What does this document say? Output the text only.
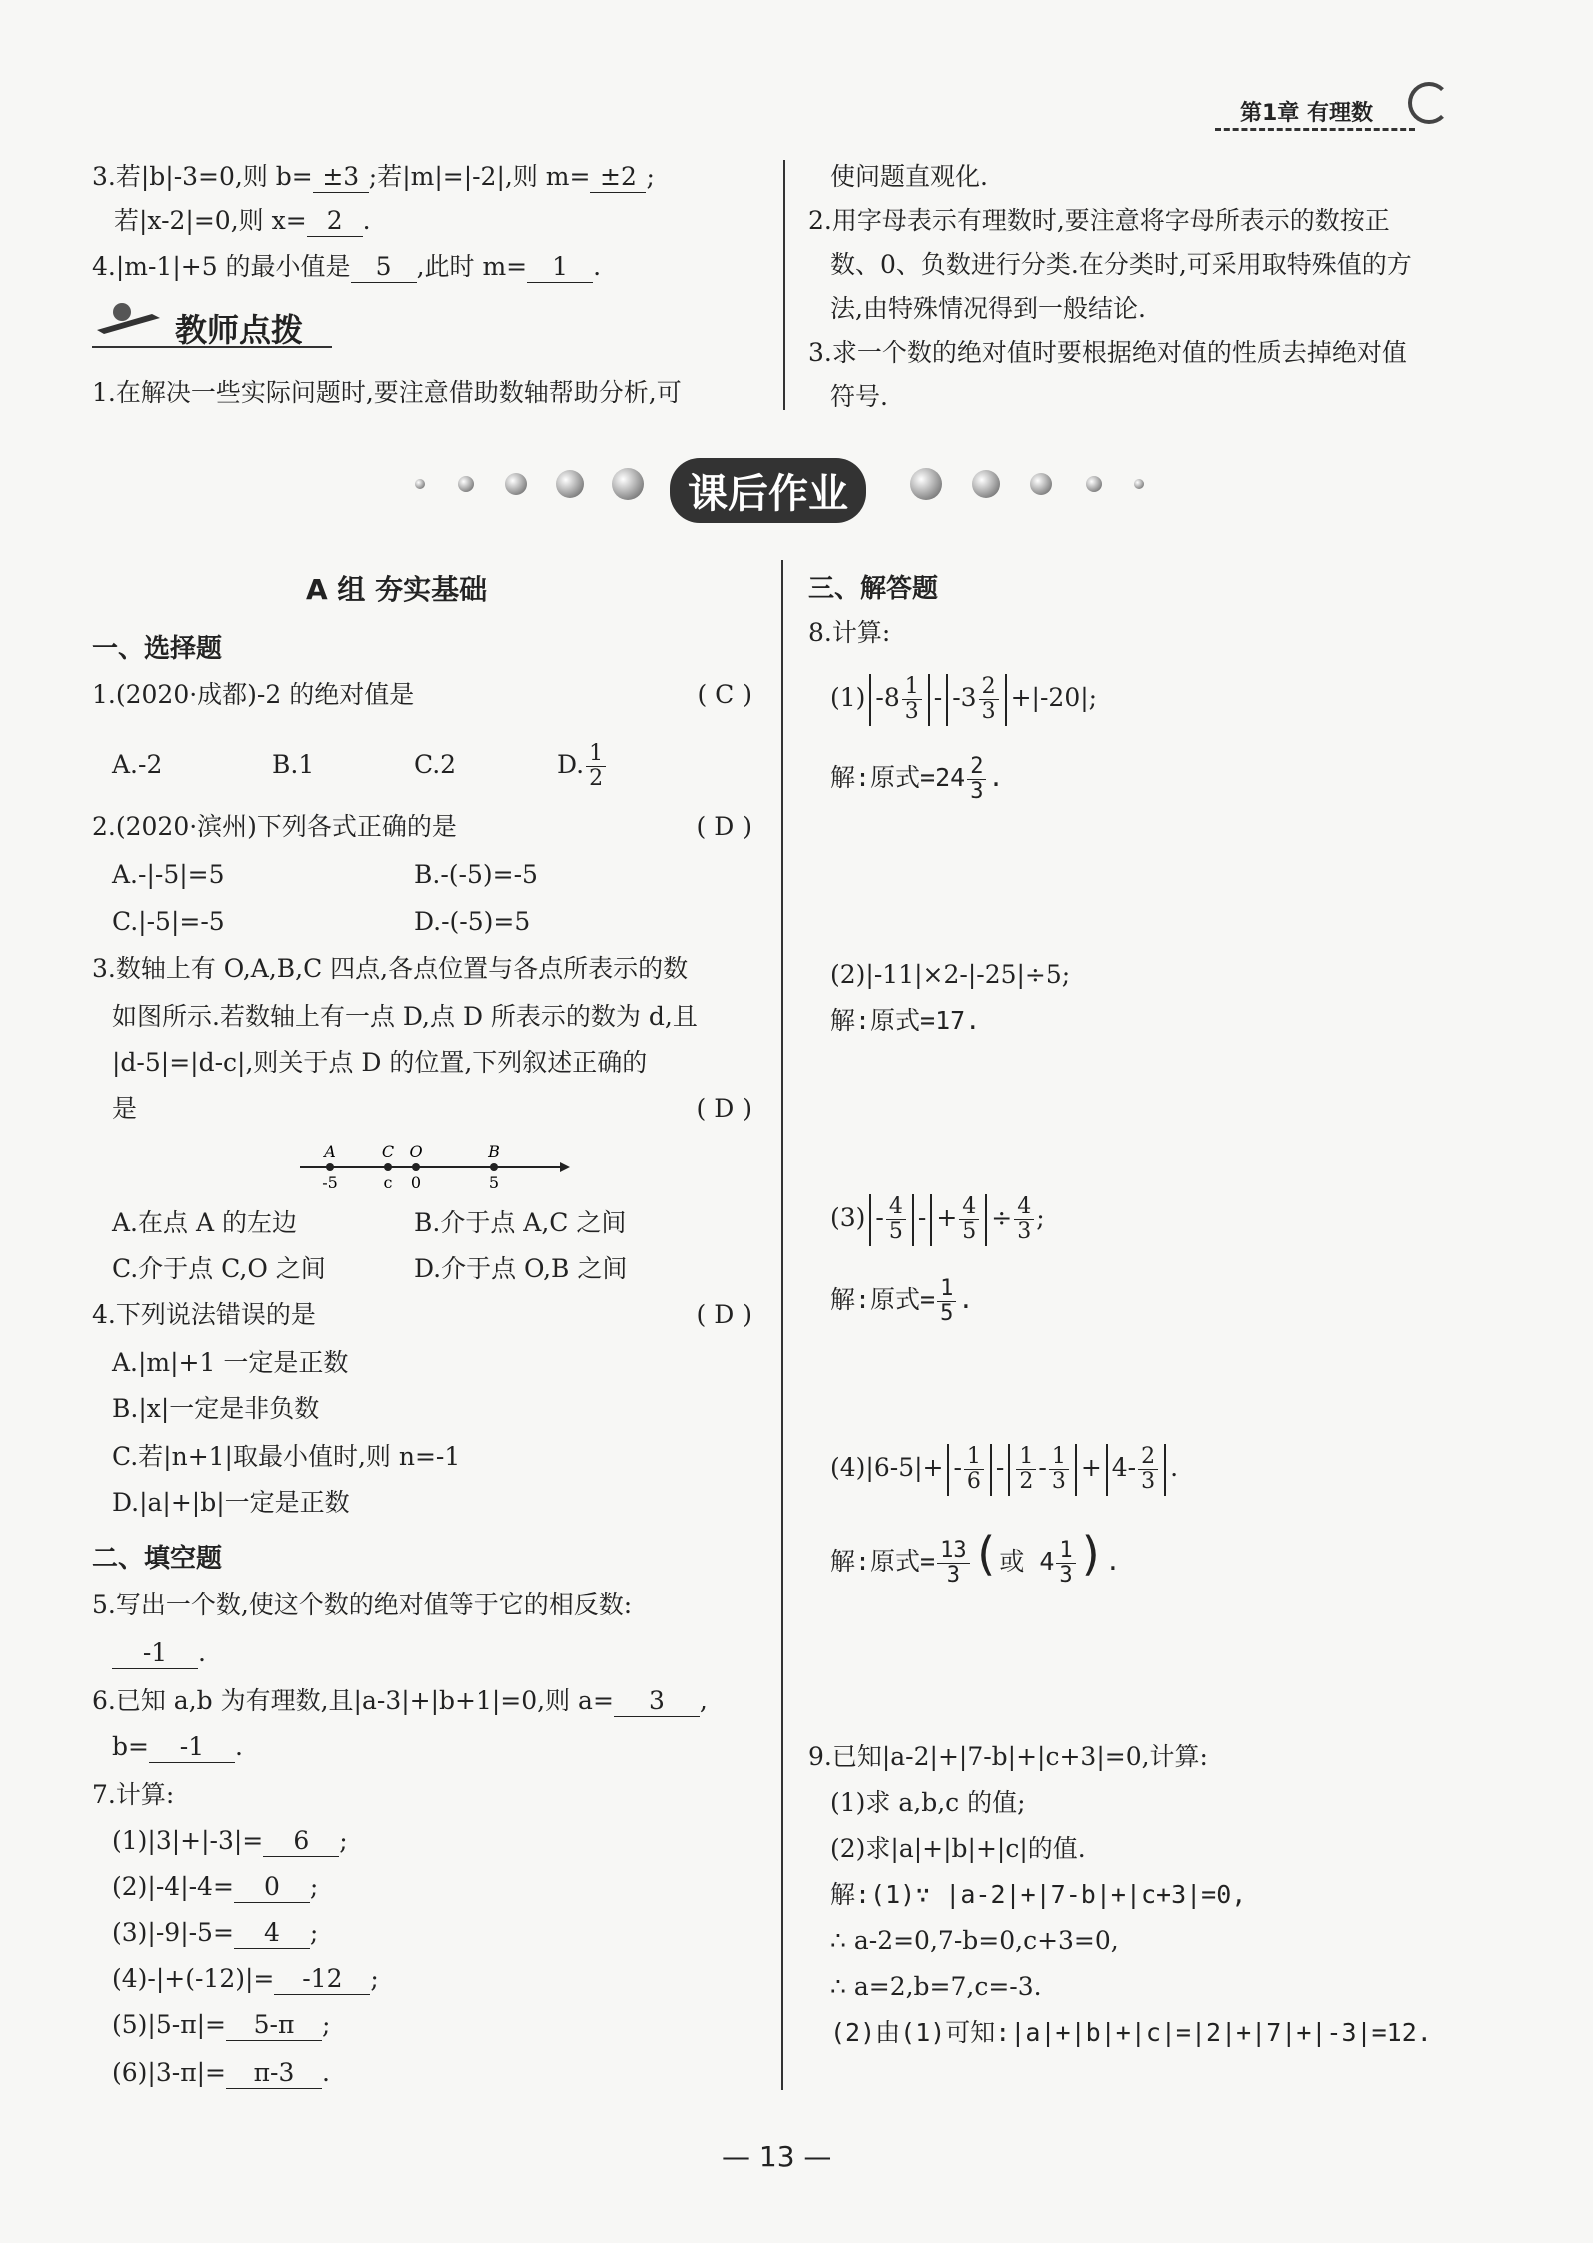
第1章 有理数
3.若|b|-3=0,则 b= ±3 ;若|m|=|-2|,则 m= ±2 ;
若|x-2|=0,则 x= 2 .
4.|m-1|+5 的最小值是 5 ,此时 m= 1 .
教师点拨
1.在解决一些实际问题时,要注意借助数轴帮助分析,可
使问题直观化.
2.用字母表示有理数时,要注意将字母所表示的数按正
数、0、负数进行分类.在分类时,可采用取特殊值的方
法,由特殊情况得到一般结论.
3.求一个数的绝对值时要根据绝对值的性质去掉绝对值
符号.
课后作业
A 组 夯实基础
一、选择题
1.(2020·成都)-2 的绝对值是	( C )
A.-2	B.1	C.2	D. $\frac{1}{2}$
2.(2020·滨州)下列各式正确的是	( D )
A.-|-5|=5	B.-(-5)=-5
C.|-5|=-5	D.-(-5)=5
3.数轴上有 O,A,B,C 四点,各点位置与各点所表示的数
如图所示.若数轴上有一点 D,点 D 所表示的数为 d,且
|d-5|=|d-c|,则关于点 D 的位置,下列叙述正确的
是	( D )
A
-5
C
c
O
0
B
5
A.在点 A 的左边	B.介于点 A,C 之间
C.介于点 C,O 之间	D.介于点 O,B 之间
4.下列说法错误的是	( D )
A.|m|+1 一定是正数
B.|x|一定是非负数
C.若|n+1|取最小值时,则 n=-1
D.|a|+|b|一定是正数
二、填空题
5.写出一个数,使这个数的绝对值等于它的相反数:
-1 .
6.已知 a,b 为有理数,且|a-3|+|b+1|=0,则 a= 3 ,
b= -1 .
7.计算:
(1)|3|+|-3|= 6 ;
(2)|-4|-4= 0 ;
(3)|-9|-5= 4 ;
(4)-|+(-12)|= -12 ;
(5)|5-π|= 5-π ;
(6)|3-π|= π-3 .
三、解答题
8.计算:
(1) $-8 \frac{1}{3} - -3 \frac{2}{3} +|-20|$;
解:原式$=24 \frac{2}{3}$ .
(2)|-11|×2-|-25|÷5;
解:原式=17.
$(3) - \frac{4}{5}$ - + $\frac{4}{5} \div \frac{4}{3}$ ;
解:原式= $\frac{1}{5}$ .
$(4)|6-5|+ - \frac{1}{6} - \frac{1}{2} - \frac{1}{3} + 4- \frac{2}{3}$ .
解:原式= $\frac{13}{3}$ (或 $4 \frac{1}{3}$ ).
9.已知|a-2|+|7-b|+|c+3|=0,计算:
(1)求 a,b,c 的值;
(2)求|a|+|b|+|c|的值.
解:(1)∵ |a-2|+|7-b|+|c+3|=0,
∴ a-2=0,7-b=0,c+3=0,
∴ a=2,b=7,c=-3.
(2)由(1)可知:|a|+|b|+|c|=|2|+|7|+|-3|=12.
— 13 —
